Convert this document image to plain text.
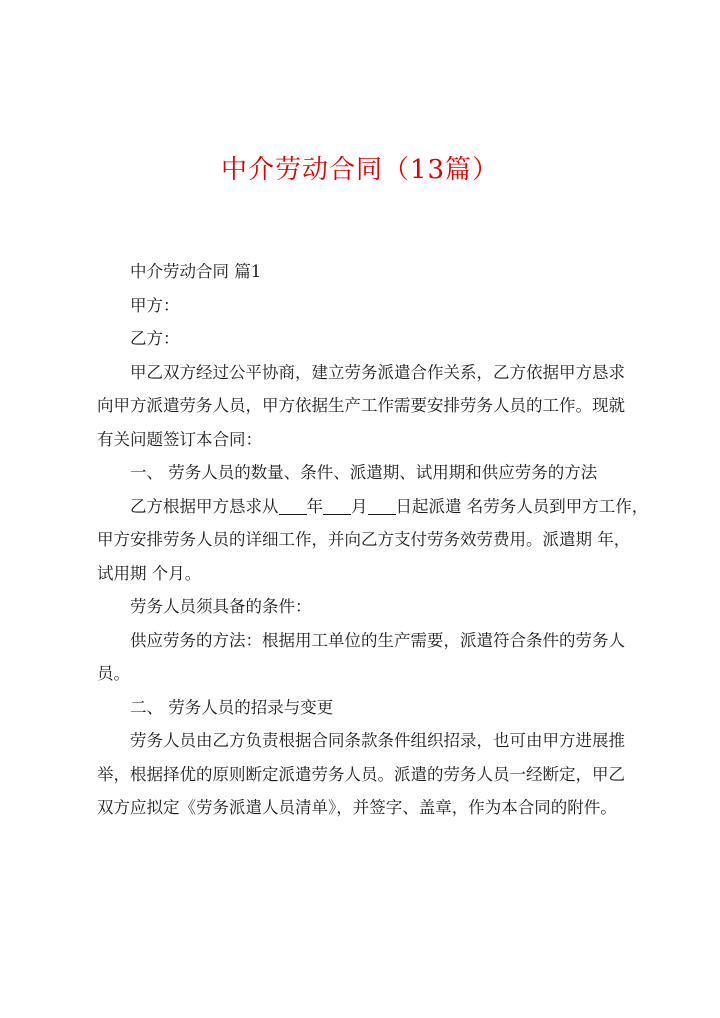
中介劳动合同（13篇）
中介劳动合同 篇1
甲方：
乙方：
甲乙双方经过公平协商，建立劳务派遣合作关系，乙方依据甲方恳求
向甲方派遣劳务人员，甲方依据生产工作需要安排劳务人员的工作。现就
有关问题签订本合同：
一、 劳务人员的数量、条件、派遣期、试用期和供应劳务的方法
乙方根据甲方恳求从 年 月 日起派遣 名劳务人员到甲方工作，
甲方安排劳务人员的详细工作，并向乙方支付劳务效劳费用。派遣期 年，
试用期 个月。
劳务人员须具备的条件：
供应劳务的方法：根据用工单位的生产需要，派遣符合条件的劳务人
员。
二、 劳务人员的招录与变更
劳务人员由乙方负责根据合同条款条件组织招录，也可由甲方进展推
举，根据择优的原则断定派遣劳务人员。派遣的劳务人员一经断定，甲乙
双方应拟定《劳务派遣人员清单》，并签字、盖章，作为本合同的附件。
